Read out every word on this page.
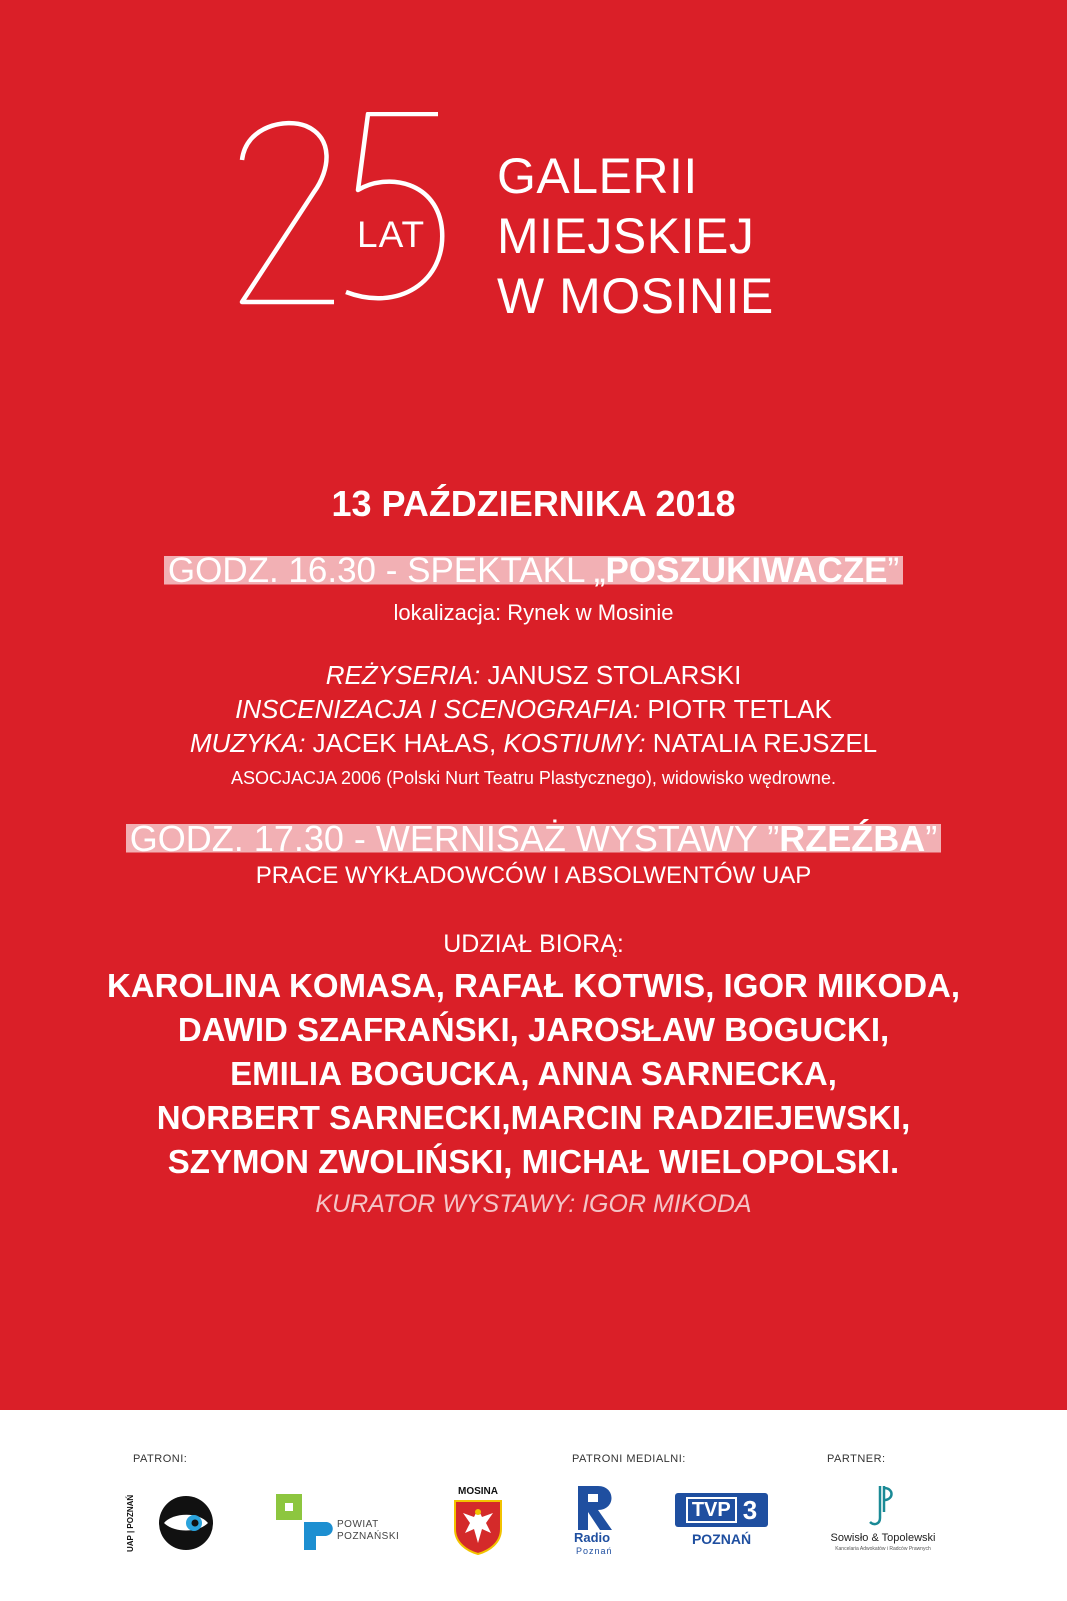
LAT
GALERII
MIEJSKIEJ
W MOSINIE
13 PAŹDZIERNIKA 2018
GODZ. 16.30 - SPEKTAKL „POSZUKIWACZE”
lokalizacja: Rynek w Mosinie
REŻYSERIA: JANUSZ STOLARSKI
INSCENIZACJA I SCENOGRAFIA: PIOTR TETLAK
MUZYKA: JACEK HAŁAS, KOSTIUMY: NATALIA REJSZEL
ASOCJACJA 2006 (Polski Nurt Teatru Plastycznego), widowisko wędrowne.
GODZ. 17.30 - WERNISAŻ WYSTAWY ”RZEŹBA”
PRACE WYKŁADOWCÓW I ABSOLWENTÓW UAP
UDZIAŁ BIORĄ:
KAROLINA KOMASA, RAFAŁ KOTWIS, IGOR MIKODA,
DAWID SZAFRAŃSKI, JAROSŁAW BOGUCKI,
EMILIA BOGUCKA, ANNA SARNECKA,
NORBERT SARNECKI,MARCIN RADZIEJEWSKI,
SZYMON ZWOLIŃSKI, MICHAŁ WIELOPOLSKI.
KURATOR WYSTAWY: IGOR MIKODA
PATRONI:	PATRONI MEDIALNI:	PARTNER:
UAP | POZNAŃ	POWIAT
POZNAŃSKI
MOSINA
Radio
Poznań
TVP 3
POZNAŃ	Sowisło & Topolewski
Kancelaria Adwokatów i Radców Prawnych
